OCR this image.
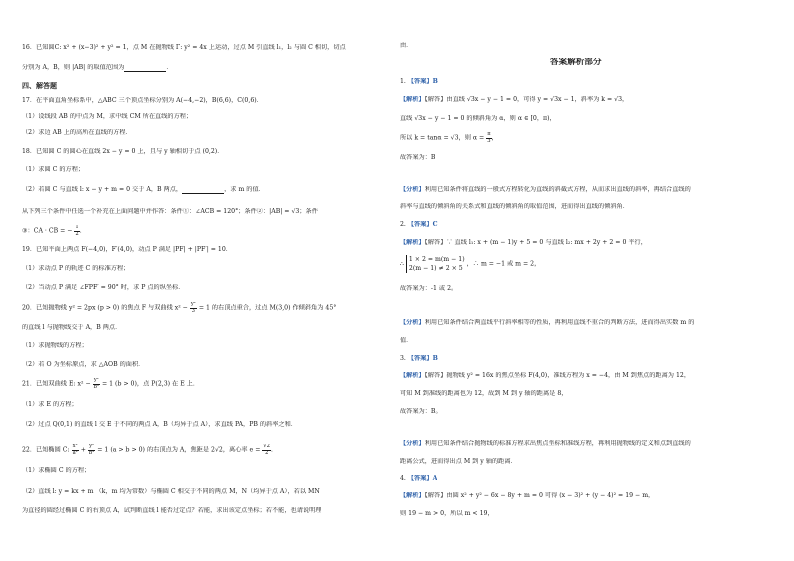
16．已知圆C: x² + (x−3)² + y² = 1，点 M 在抛物线 Γ: y² = 4x 上运动，过点 M 引直线 l₁，l₂ 与圆 C 相切，切点
分别为 A，B，则 |AB| 的取值范围为	．
四、解答题
17．在平面直角坐标系中，△ABC 三个顶点坐标分别为 A(−4,−2)，B(6,6)，C(0,6)．
（1）设线段 AB 的中点为 M，求中线 CM 所在直线的方程；
（2）求边 AB 上的高所在直线的方程．
18．已知圆 C 的圆心在直线 2x − y = 0 上，且与 y 轴相切于点 (0,2)．
（1）求圆 C 的方程；
（2）若圆 C 与直线 l: x − y + m = 0 交于 A，B 两点，	，求 m 的值．
从下列三个条件中任选一个补充在上面问题中并作答：条件①：∠ACB = 120°；条件②：|AB| = √3；条件
③：CA · CB = − $\frac{1}{2}$ ．
19．已知平面上两点 F(−4,0)，F′(4,0)，动点 P 满足 |PF| + |PF′| = 10．
（1）求动点 P 的轨迹 C 的标准方程；
（2）当动点 P 满足 ∠FPF′ = 90° 时，求 P 点的纵坐标．
20．已知抛物线 y² = 2px (p > 0) 的焦点 F 与双曲线 $x^2 - \frac{\text{y²}}{3} = 1$ 的右顶点重合，过点 M(3,0) 作倾斜角为 45°
的直线 l 与抛物线交于 A，B 两点．
（1）求抛物线的方程；
（2）若 O 为坐标原点，求 △AOB 的面积．
21．已知双曲线 E: $x^2 - \frac{\text{y²}}{\text{b²}} = 1$ (b > 0)，点 P(2,3) 在 E 上．
（1）求 E 的方程；
（2）过点 Q(0,1) 的直线 l 交 E 于不同的两点 A，B（均异于点 A），求直线 PA，PB 的斜率之和．
22．已知椭圆 C: $\frac{\text{x²}}{\text{a²}} + \frac{\text{y²}}{\text{b²}} = 1$ (a > b > 0) 的右顶点为 A，焦距是 2√2，离心率 $e = \frac{√2}{2}$ ．
（1）求椭圆 C 的方程；
（2）直线 l: y = kx + m （k，m 均为常数）与椭圆 C 相交于不同的两点 M，N（均异于点 A），若以 MN
为直径的圆经过椭圆 C 的右顶点 A，试判断直线 l 能否过定点？若能，求出该定点坐标；若不能，也请说明理
由．
答案解析部分
1. 【答案】B
【解析】【解答】由直线 √3x − y − 1 = 0，可得 y = √3x − 1，斜率为 k = √3，
直线 √3x − y − 1 = 0 的倾斜角为 α，则 α ∈ [0，π)，
所以 k = tanα = √3，则 $\alpha = \frac{\pi}{3}$ ，
故答案为：B
【分析】利用已知条件将直线的一般式方程转化为直线的斜截式方程，从而求出直线的斜率，再结合直线的
斜率与直线的倾斜角的关系式和直线的倾斜角的取值范围，进而得出直线的倾斜角．
2. 【答案】C
【解析】【解答】∵ 直线 l₁: x + (m − 1)y + 5 = 0 与直线 l₂: mx + 2y + 2 = 0 平行，
∴
1 × 2 = m(m − 1)
2(m − 1) ≠ 2 × 5
，∴ m = −1 或 m = 2，
故答案为：-1 或 2。
【分析】利用已知条件结合两直线平行斜率相等的性质，再利用直线不重合的判断方法，进而得出实数 m 的
值．
3. 【答案】B
【解析】【解答】抛物线 y² = 16x 的焦点坐标 F(4,0)，准线方程为 x = −4，由 M 到焦点的距离为 12，
可知 M 到准线的距离也为 12，故到 M 到 y 轴的距离是 8，
故答案为：B。
【分析】利用已知条件结合抛物线的标准方程求出焦点坐标和准线方程，再利用抛物线的定义和点到直线的
距离公式，进而得出点 M 到 y 轴的距离．
4. 【答案】A
【解析】【解答】由圆 x² + y² − 6x − 8y + m = 0 可得 (x − 3)² + (y − 4)² = 19 − m，
则 19 − m > 0，所以 m < 19，
